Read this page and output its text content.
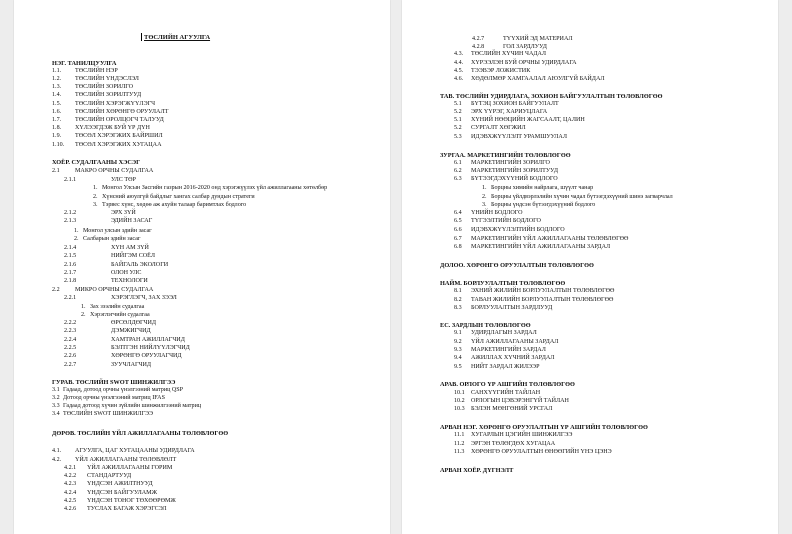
ТӨСЛИЙН АГУУЛГА
НЭГ. ТАНИЛЦУУЛГА
1.1. ТӨСЛИЙН НЭР
1.2. ТӨСЛИЙН ҮНДЭСЛЭЛ
1.3. ТӨСЛИЙН ЗОРИЛГО
1.4. ТӨСЛИЙН ЗОРИЛТУУД
1.5. ТӨСЛИЙН ХЭРЭГЖҮҮЛЭГЧ
1.6. ТӨСЛИЙН ХӨРӨНГӨ ОРУУЛАЛТ
1.7. ТӨСЛИЙН ОРОЛЦОГЧ ТАЛУУД
1.8. ХҮЛЭЭГДЭЖ БУЙ ҮР ДҮН
1.9. ТӨСӨЛ ХЭРЭГЖИХ БАЙРШИЛ
1.10. ТӨСӨЛ ХЭРЭГЖИХ ХУГАЦАА
ХОЁР. СУДАЛГААНЫ ХЭСЭГ
2.1	МАКРО ОРЧНЫ СУДАЛГАА
2.1.1	УЛС ТӨР
1. Монгол Улсын Засгийн газрын 2016-2020 онд хэрэгжүүлэх үйл ажиллагааны хөтөлбөр
2. Хүнсний аюулгүй байдлыг хангах салбар дундын стратеги
3. Тэрвес хүнс, хөдөө аж ахуйн талаар баримтлах бодлого
2.1.2	ЭРХ ЗҮЙ
2.1.3	ЭДИЙН ЗАСАГ
1. Монгол улсын эдийн засаг
2. Салбарын эдийн засаг
2.1.4	ХҮН АМ ЗҮЙ
2.1.5	НИЙГЭМ СОЁЛ
2.1.6	БАЙГАЛЬ ЭКОЛОГИ
2.1.7	ОЛОН УЛС
2.1.8	ТЕХНОЛОГИ
2.2	МИКРО ОРЧНЫ СУДАЛГАА
2.2.1	ХЭРЭГЛЭГЧ, ЗАХ ЗЭЭЛ
1. Зах зээлийн судалгаа
2. Хэрэглэгчийн судалгаа
2.2.2	ӨРСӨЛДӨГЧИД
2.2.3	ДЭМЖИГЧИД
2.2.4	ХАМТРАН АЖИЛЛАГЧИД
2.2.5	БЭЛТГЭН НИЙЛҮҮЛЭГЧИД
2.2.6	ХӨРӨНГӨ ОРУУЛАГЧИД
2.2.7	ЗУУЧЛАГЧИД
ГУРАВ. ТӨСЛИЙН SWOT ШИНЖИЛГЭЭ
3.1 Гадаад, дотоод орчны үнэлгээний матриц QSP
3.2 Дотоод орчны үнэлгээний матриц IFAS
3.3 Гадаад дотоод хүчин зүйлийн шинжилгээний матриц
3.4 ТӨСЛИЙН SWOT ШИНЖИЛГЭЭ
ДӨРӨВ. ТӨСЛИЙН ҮЙЛ АЖИЛЛАГААНЫ ТӨЛӨВЛӨГӨӨ
4.1. АГУУЛГА, ЦАГ ХУГАЦААНЫ УДИРДЛАГА
4.2. ҮЙЛ АЖИЛЛАГААНЫ ТӨЛӨВЛӨЛТ
4.2.1 ҮЙЛ АЖИЛЛАГААНЫ ГОРИМ
4.2.2 СТАНДАРТУУД
4.2.3 ҮНДСЭН АЖИЛТНУУД
4.2.4 ҮНДСЭН БАЙГУУЛАМЖ
4.2.5 ҮНДСЭН ТОНОГ ТӨХӨӨРӨМЖ
4.2.6 ТУСЛАХ БАГАЖ ХЭРЭГСЭЛ
4.2.7	ТҮҮХИЙ ЭД МАТЕРИАЛ
4.2.8	ГОЛ ЗАРДЛУУД
4.3. ТӨСЛИЙН ХҮЧИН ЧАДАЛ
4.4. ХҮРЭЭЛЭН БУЙ ОРЧНЫ УДИРДЛАГА
4.5. ТЭЭВЭР ЛОЖИСТИК
4.6. ХӨДӨЛМӨР ХАМГААЛАЛ АЮУЛГҮЙ БАЙДАЛ
ТАВ. ТӨСЛИЙН УДИРДЛАГА, ЗОХИОН БАЙГУУЛАЛТЫН ТӨЛӨВЛӨГӨӨ
5.1 БҮТЭЦ ЗОХИОН БАЙГУУЛАЛТ
5.2 ЭРХ ҮҮРЭГ, ХАРИУЦЛАГА
5.1 ХҮНИЙ НӨӨЦИЙН ЖАГСААЛТ, ЦАЛИН
5.2 СУРГАЛТ ХӨГЖИЛ
5.3 ИДЭВХЖҮҮЛЭЛТ УРАМШУУЛАЛ
ЗУРГАА. МАРКЕТИНГИЙН ТӨЛӨВЛӨГӨӨ
6.1 МАРКЕТИНГИЙН ЗОРИЛГО
6.2 МАРКЕТИНГИЙН ЗОРИЛТУУД
6.3 БҮТЭЭГДЭХҮҮНИЙ БОДЛОГО
1. Борцны химийн найрлага, шүүлт чанар
2. Борцны үйлдвэрлэлийн хүчин чадал бүтээгдэхүүний шинэ загварчлал
3. Борцны үндсэн бүтээгдэхүүний бодлого
6.4 ҮНИЙН БОДЛОГО
6.5 ТҮГЭЭЛТИЙН БОДЛОГО
6.6 ИДЭВХЖҮҮЛЭЛТИЙН БОДЛОГО
6.7 МАРКЕТИНГИЙН ҮЙЛ АЖИЛЛАГААНЫ ТӨЛӨВЛӨГӨӨ
6.8 МАРКЕТИНГИЙН ҮЙЛ АЖИЛЛАГААНЫ ЗАРДАЛ
ДОЛОО. ХӨРӨНГӨ ОРУУЛАЛТЫН ТӨЛӨВЛӨГӨӨ
НАЙМ. БОРЛУУЛАЛТЫН ТӨЛӨВЛӨГӨӨ
8.1 ЭХНИЙ ЖИЛИЙН БОРЛУУЛАЛТЫН ТӨЛӨВЛӨГӨӨ
8.2 ТАВАН ЖИЛИЙН БОРЛУУЛАЛТЫН ТӨЛӨВЛӨГӨӨ
8.3 БОРЛУУЛАЛТЫН ЗАРДЛУУД
ЕС. ЗАРДЛЫН ТӨЛӨВЛӨГӨӨ
9.1 УДИРДЛАГЫН ЗАРДАЛ
9.2 ҮЙЛ АЖИЛЛАГААНЫ ЗАРДАЛ
9.3 МАРКЕТИНГИЙН ЗАРДАЛ
9.4 АЖИЛЛАХ ХҮЧНИЙ ЗАРДАЛ
9.5 НИЙТ ЗАРДАЛ ЖИЛЭЭР
АРАВ. ОРЛОГО ҮР АШГИЙН ТӨЛӨВЛӨГӨӨ
10.1 САНХҮҮГИЙН ТАЙЛАН
10.2 ОРЛОГЫН ЦЭВЭРЭНГҮЙ ТАЙЛАН
10.3 БЭЛЭН МӨНГӨНИЙ УРСГАЛ
АРВАН НЭГ. ХӨРӨНГӨ ОРУУЛАЛТЫН ҮР АШГИЙН ТӨЛӨВЛӨГӨӨ
11.1 ХУГАРЛЫН ЦЭГИЙН ШИНЖИЛГЭЭ
11.2 ЭРГЭН ТӨЛӨГДӨХ ХУГАЦАА
11.3 ХӨРӨНГӨ ОРУУЛАЛТЫН ӨНӨӨГИЙН ҮНЭ ЦЭНЭ
АРВАН ХОЁР. ДҮГНЭЛТ
